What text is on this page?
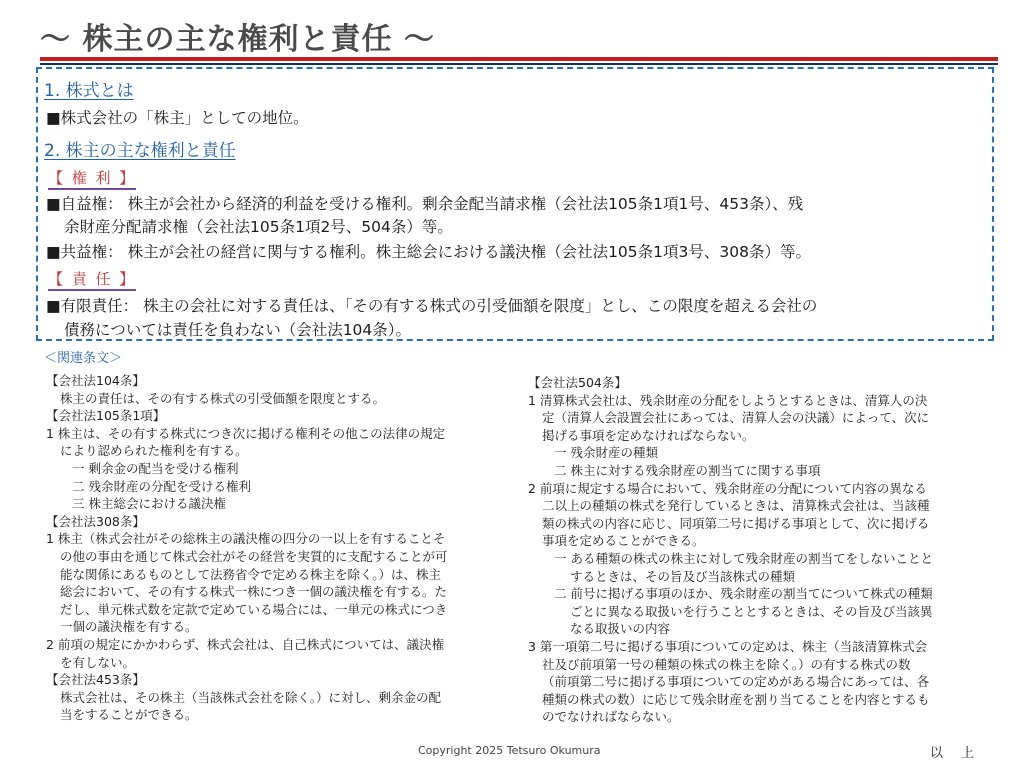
～ 株主の主な権利と責任 ～
1. 株式とは
■株式会社の「株主」としての地位。
2. 株主の主な権利と責任
【 権 利 】
■自益権： 株主が会社から経済的利益を受ける権利。剰余金配当請求権（会社法105条1項1号、453条）、残
余財産分配請求権（会社法105条1項2号、504条）等。
■共益権： 株主が会社の経営に関与する権利。株主総会における議決権（会社法105条1項3号、308条）等。
【 責 任 】
■有限責任： 株主の会社に対する責任は、「その有する株式の引受価額を限度」とし、この限度を超える会社の
債務については責任を負わない（会社法104条）。
＜関連条文＞
【会社法104条】
株主の責任は、その有する株式の引受価額を限度とする。
【会社法105条1項】
1 株主は、その有する株式につき次に掲げる権利その他この法律の規定
により認められた権利を有する。
一 剰余金の配当を受ける権利
二 残余財産の分配を受ける権利
三 株主総会における議決権
【会社法308条】
1 株主（株式会社がその総株主の議決権の四分の一以上を有することそ
の他の事由を通じて株式会社がその経営を実質的に支配することが可
能な関係にあるものとして法務省令で定める株主を除く。）は、株主
総会において、その有する株式一株につき一個の議決権を有する。た
だし、単元株式数を定款で定めている場合には、一単元の株式につき
一個の議決権を有する。
2 前項の規定にかかわらず、株式会社は、自己株式については、議決権
を有しない。
【会社法453条】
株式会社は、その株主（当該株式会社を除く。）に対し、剰余金の配
当をすることができる。
【会社法504条】
1 清算株式会社は、残余財産の分配をしようとするときは、清算人の決
定（清算人会設置会社にあっては、清算人会の決議）によって、次に
掲げる事項を定めなければならない。
一 残余財産の種類
二 株主に対する残余財産の割当てに関する事項
2 前項に規定する場合において、残余財産の分配について内容の異なる
二以上の種類の株式を発行しているときは、清算株式会社は、当該種
類の株式の内容に応じ、同項第二号に掲げる事項として、次に掲げる
事項を定めることができる。
一 ある種類の株式の株主に対して残余財産の割当てをしないことと
するときは、その旨及び当該株式の種類
二 前号に掲げる事項のほか、残余財産の割当てについて株式の種類
ごとに異なる取扱いを行うこととするときは、その旨及び当該異
なる取扱いの内容
3 第一項第二号に掲げる事項についての定めは、株主（当該清算株式会
社及び前項第一号の種類の株式の株主を除く。）の有する株式の数
（前項第二号に掲げる事項についての定めがある場合にあっては、各
種類の株式の数）に応じて残余財産を割り当てることを内容とするも
のでなければならない。
Copyright 2025 Tetsuro Okumura	以上
